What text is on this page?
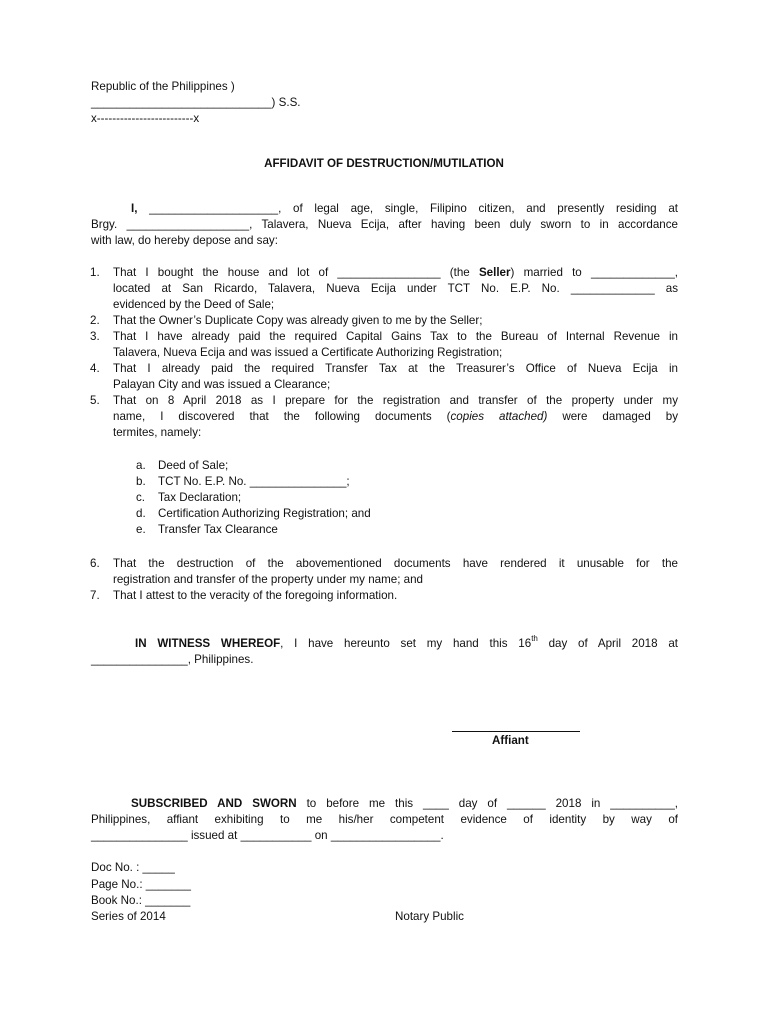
Republic of the Philippines )
____________________________) S.S.
x-------------------------x
AFFIDAVIT OF DESTRUCTION/MUTILATION
I, ____________________, of legal age, single, Filipino citizen, and presently residing at
Brgy. ___________________, Talavera, Nueva Ecija, after having been duly sworn to in accordance
with law, do hereby depose and say:
1. That I bought the house and lot of ________________ (the Seller) married to _____________,
located at San Ricardo, Talavera, Nueva Ecija under TCT No. E.P. No. _____________ as
evidenced by the Deed of Sale;
2. That the Owner’s Duplicate Copy was already given to me by the Seller;
3. That I have already paid the required Capital Gains Tax to the Bureau of Internal Revenue in
Talavera, Nueva Ecija and was issued a Certificate Authorizing Registration;
4. That I already paid the required Transfer Tax at the Treasurer’s Office of Nueva Ecija in
Palayan City and was issued a Clearance;
5. That on 8 April 2018 as I prepare for the registration and transfer of the property under my
name, I discovered that the following documents (copies attached) were damaged by
termites, namely:
a. Deed of Sale;
b. TCT No. E.P. No. _______________;
c. Tax Declaration;
d. Certification Authorizing Registration; and
e. Transfer Tax Clearance
6. That the destruction of the abovementioned documents have rendered it unusable for the
registration and transfer of the property under my name; and
7. That I attest to the veracity of the foregoing information.
IN WITNESS WHEREOF, I have hereunto set my hand this 16th day of April 2018 at
_______________, Philippines.
Affiant
SUBSCRIBED AND SWORN to before me this ____ day of ______ 2018 in __________,
Philippines, affiant exhibiting to me his/her competent evidence of identity by way of
_______________ issued at ___________ on _________________.
Doc No. : _____
Page No.: _______
Book No.: _______
Series of 2014	Notary Public
